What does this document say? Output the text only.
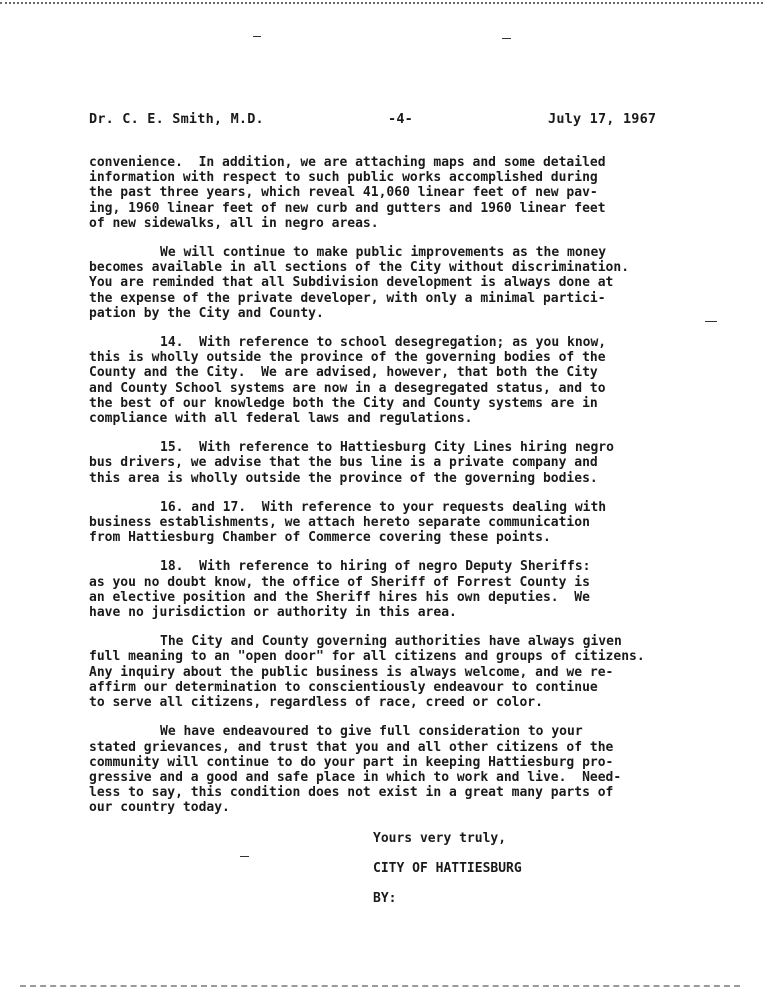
Dr. C. E. Smith, M.D.	-4-	July 17, 1967
convenience.  In addition, we are attaching maps and some detailed
information with respect to such public works accomplished during
the past three years, which reveal 41,060 linear feet of new pav-
ing, 1960 linear feet of new curb and gutters and 1960 linear feet
of new sidewalks, all in negro areas.
We will continue to make public improvements as the money
becomes available in all sections of the City without discrimination.
You are reminded that all Subdivision development is always done at
the expense of the private developer, with only a minimal partici-
pation by the City and County.
14.  With reference to school desegregation; as you know,
this is wholly outside the province of the governing bodies of the
County and the City.  We are advised, however, that both the City
and County School systems are now in a desegregated status, and to
the best of our knowledge both the City and County systems are in
compliance with all federal laws and regulations.
15.  With reference to Hattiesburg City Lines hiring negro
bus drivers, we advise that the bus line is a private company and
this area is wholly outside the province of the governing bodies.
16. and 17.  With reference to your requests dealing with
business establishments, we attach hereto separate communication
from Hattiesburg Chamber of Commerce covering these points.
18.  With reference to hiring of negro Deputy Sheriffs:
as you no doubt know, the office of Sheriff of Forrest County is
an elective position and the Sheriff hires his own deputies.  We
have no jurisdiction or authority in this area.
The City and County governing authorities have always given
full meaning to an "open door" for all citizens and groups of citizens.
Any inquiry about the public business is always welcome, and we re-
affirm our determination to conscientiously endeavour to continue
to serve all citizens, regardless of race, creed or color.
We have endeavoured to give full consideration to your
stated grievances, and trust that you and all other citizens of the
community will continue to do your part in keeping Hattiesburg pro-
gressive and a good and safe place in which to work and live.  Need-
less to say, this condition does not exist in a great many parts of
our country today.
Yours very truly,
CITY OF HATTIESBURG
BY:
